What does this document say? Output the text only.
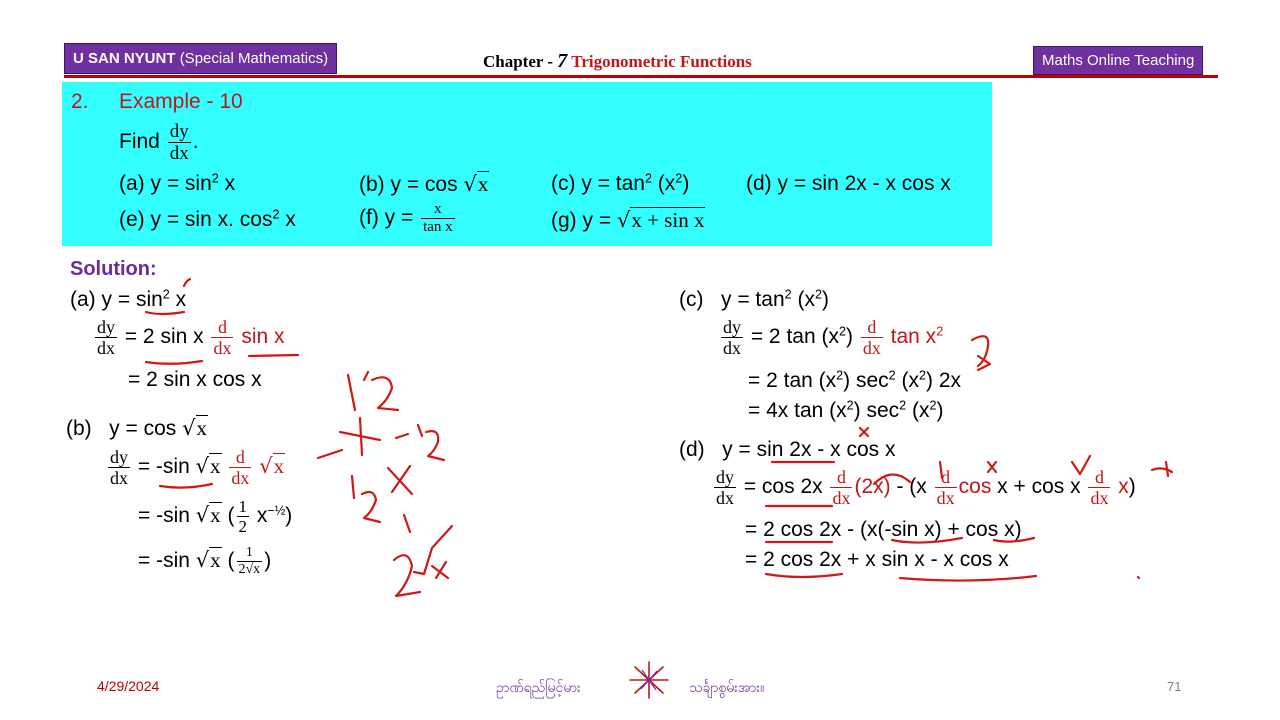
U SAN NYUNT (Special Mathematics)	Chapter - 7 Trigonometric Functions	Maths Online Teaching
2. Example - 10
Find $\frac{dy}{dx}$ .
(a) $y = \sin^2 x$	(b) y = cos √x	(c) $y = \tan^2 (x^2)$	(d) y = sin 2x - x cos x
(e) y = sin x. $\cos^2 x$	(f) $y = \frac{x}{\text{tan x}}$	(g) y = √x + sin x
Solution:
(a) $y = \sin^2 x$
$\frac{dy}{dx} = 2$ sin x $\frac{d}{dx}$ sin x
= 2 sin x cos x
(b)   y = cos √x
$\frac{dy}{dx} = -\sin$ $√x \frac{d}{dx} √x$
= -sin √x ( $\frac{1}{2} x^{-\frac{1}{2}}$)
= -sin √x ( $\frac{1}{2√x}$ )
(c)   $y = \tan^2 (x^2)$
$\frac{dy}{dx} = 2$ $\tan (x^2) \frac{d}{dx}$ $\tan x^2$
= 2 $\tan (x^2)$ $\sec^2 (x^2)$ 2x
= 4x $\tan (x^2)$ $\sec^2 (x^2)$
(d)   y = sin 2x - x cos x
$\frac{dy}{dx} = \cos 2x \frac{d}{dx} (2x) - (x \frac{d}{dx}$ cos x + cos x $\frac{d}{dx} x$)
= 2 cos 2x - (x(-sin x) + cos x)
= 2 cos 2x + x sin x - x cos x
4/29/2024	ဥာဏ်ရည်မြင့်မား	သင်္ချာစွမ်းအား။	71
